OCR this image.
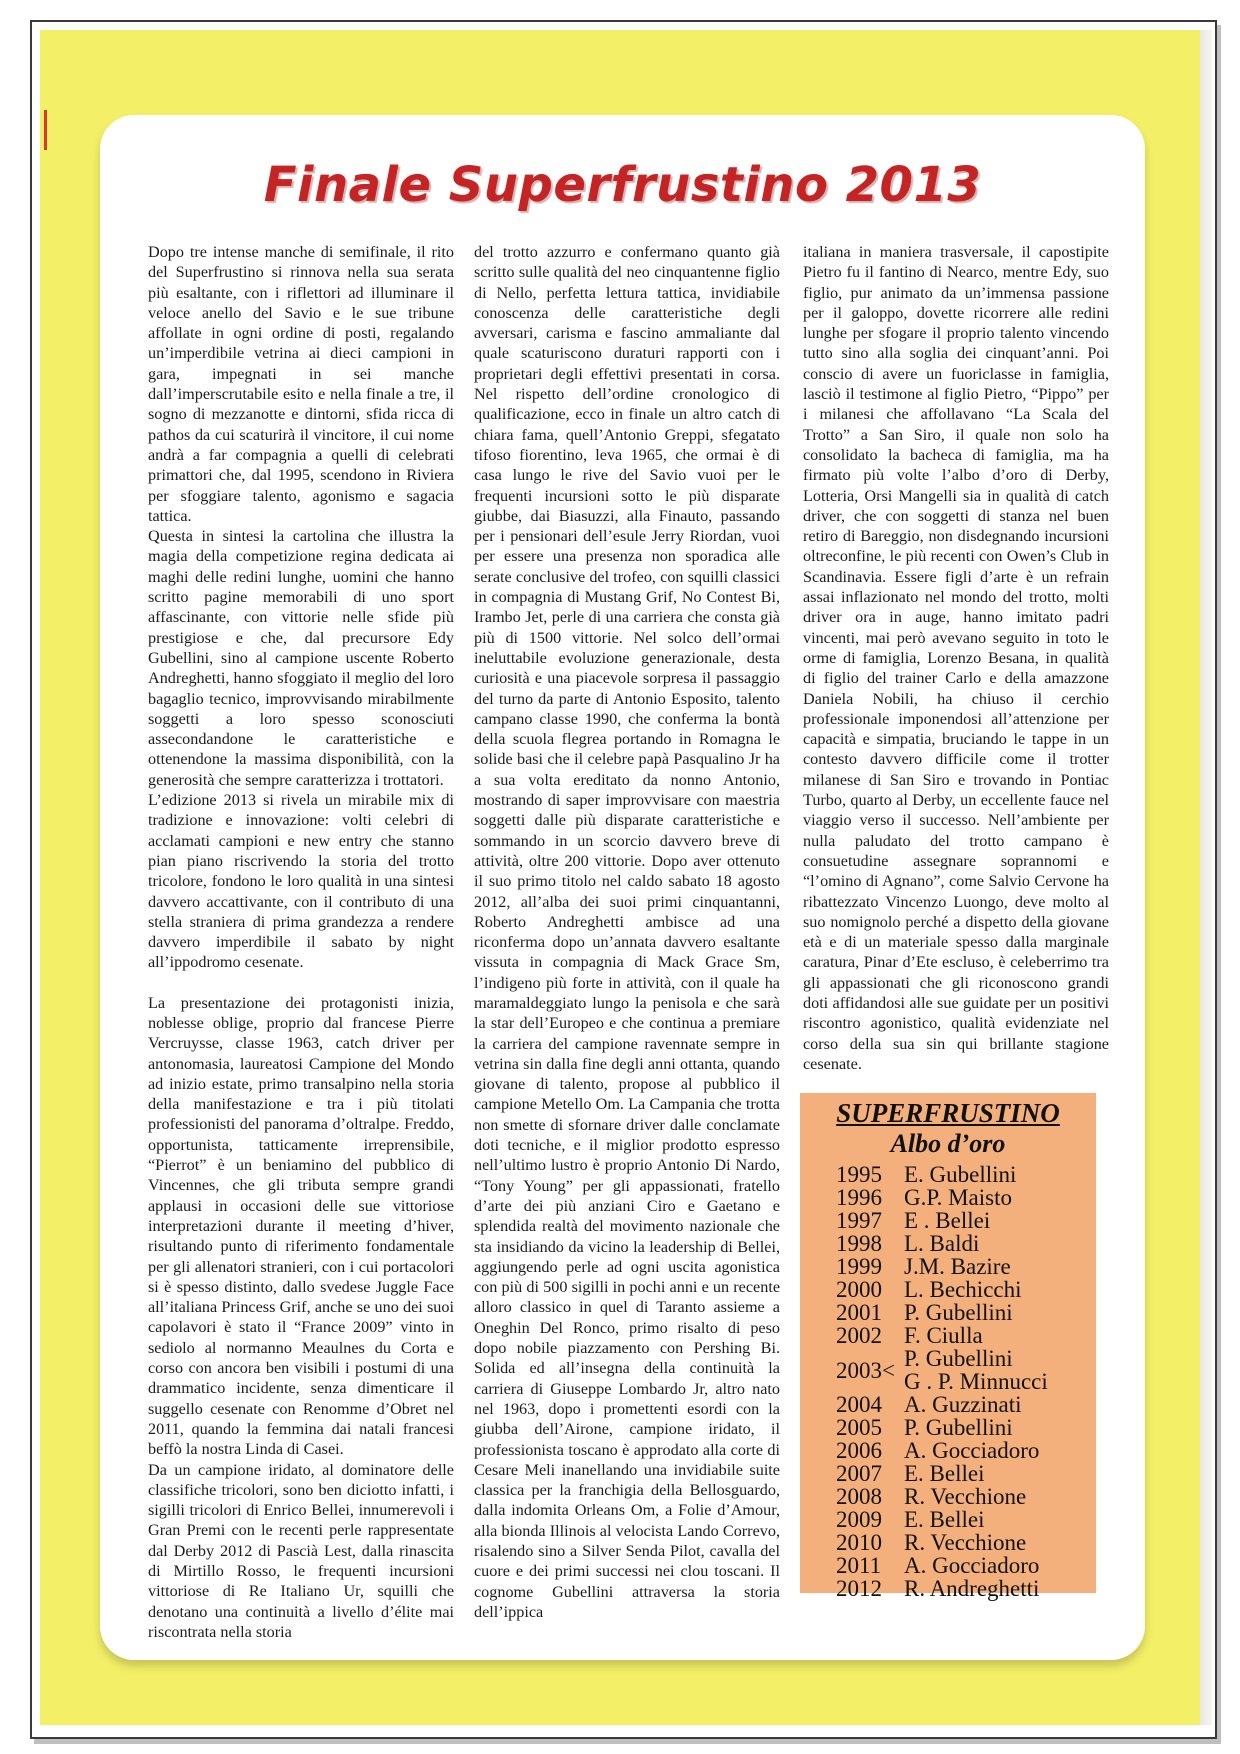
Finale Superfrustino 2013

Dopo tre intense manche di semifinale, il rito del Superfrustino si rinnova nella sua serata più esaltante, con i riflettori ad illuminare il veloce anello del Savio e le sue tribune affollate in ogni ordine di posti, regalando un’imperdibile vetrina ai dieci campioni in gara, impegnati in sei manche dall’imperscrutabile esito e nella finale a tre, il sogno di mezzanotte e dintorni, sfida ricca di pathos da cui scaturirà il vincitore, il cui nome andrà a far compagnia a quelli di celebrati primattori che, dal 1995, scendono in Riviera per sfoggiare talento, agonismo e sagacia tattica.

Questa in sintesi la cartolina che illustra la magia della competizione regina dedicata ai maghi delle redini lunghe, uomini che hanno scritto pagine memorabili di uno sport affascinante, con vittorie nelle sfide più prestigiose e che, dal precursore Edy Gubellini, sino al campione uscente Roberto Andreghetti, hanno sfoggiato il meglio del loro bagaglio tecnico, improvvisando mirabilmente soggetti a loro spesso sconosciuti assecondandone le caratteristiche e ottenendone la massima disponibilità, con la generosità che sempre caratterizza i trottatori.

L’edizione 2013 si rivela un mirabile mix di tradizione e innovazione: volti celebri di acclamati campioni e new entry che stanno pian piano riscrivendo la storia del trotto tricolore, fondono le loro qualità in una sintesi davvero accattivante, con il contributo di una stella straniera di prima grandezza a rendere davvero imperdibile il sabato by night all’ippodromo cesenate.

La presentazione dei protagonisti inizia, noblesse oblige, proprio dal francese Pierre Vercruysse, classe 1963, catch driver per antonomasia, laureatosi Campione del Mondo ad inizio estate, primo transalpino nella storia della manifestazione e tra i più titolati professionisti del panorama d’oltralpe. Freddo, opportunista, tatticamente irreprensibile, “Pierrot” è un beniamino del pubblico di Vincennes, che gli tributa sempre grandi applausi in occasioni delle sue vittoriose interpretazioni durante il meeting d’hiver, risultando punto di riferimento fondamentale per gli allenatori stranieri, con i cui portacolori si è spesso distinto, dallo svedese Juggle Face all’italiana Princess Grif, anche se uno dei suoi capolavori è stato il “France 2009” vinto in sediolo al normanno Meaulnes du Corta e corso con ancora ben visibili i postumi di una drammatico incidente, senza dimenticare il suggello cesenate con Renomme d’Obret nel 2011, quando la femmina dai natali francesi beffò la nostra Linda di Casei.

Da un campione iridato, al dominatore delle classifiche tricolori, sono ben diciotto infatti, i sigilli tricolori di Enrico Bellei, innumerevoli i Gran Premi con le recenti perle rappresentate dal Derby 2012 di Pascià Lest, dalla rinascita di Mirtillo Rosso, le frequenti incursioni vittoriose di Re Italiano Ur, squilli che denotano una continuità a livello d’élite mai riscontrata nella storia

del trotto azzurro e confermano quanto già scritto sulle qualità del neo cinquantenne figlio di Nello, perfetta lettura tattica, invidiabile conoscenza delle caratteristiche degli avversari, carisma e fascino ammaliante dal quale scaturiscono duraturi rapporti con i proprietari degli effettivi presentati in corsa. Nel rispetto dell’ordine cronologico di qualificazione, ecco in finale un altro catch di chiara fama, quell’Antonio Greppi, sfegatato tifoso fiorentino, leva 1965, che ormai è di casa lungo le rive del Savio vuoi per le frequenti incursioni sotto le più disparate giubbe, dai Biasuzzi, alla Finauto, passando per i pensionari dell’esule Jerry Riordan, vuoi per essere una presenza non sporadica alle serate conclusive del trofeo, con squilli classici in compagnia di Mustang Grif, No Contest Bi, Irambo Jet, perle di una carriera che consta già più di 1500 vittorie. Nel solco dell’ormai ineluttabile evoluzione generazionale, desta curiosità e una piacevole sorpresa il passaggio del turno da parte di Antonio Esposito, talento campano classe 1990, che conferma la bontà della scuola flegrea portando in Romagna le solide basi che il celebre papà Pasqualino Jr ha a sua volta ereditato da nonno Antonio, mostrando di saper improvvisare con maestria soggetti dalle più disparate caratteristiche e sommando in un scorcio davvero breve di attività, oltre 200 vittorie. Dopo aver ottenuto il suo primo titolo nel caldo sabato 18 agosto 2012, all’alba dei suoi primi cinquantanni, Roberto Andreghetti ambisce ad una riconferma dopo un’annata davvero esaltante vissuta in compagnia di Mack Grace Sm, l’indigeno più forte in attività, con il quale ha maramaldeggiato lungo la penisola e che sarà la star dell’Europeo e che continua a premiare la carriera del campione ravennate sempre in vetrina sin dalla fine degli anni ottanta, quando giovane di talento, propose al pubblico il campione Metello Om. La Campania che trotta non smette di sfornare driver dalle conclamate doti tecniche, e il miglior prodotto espresso nell’ultimo lustro è proprio Antonio Di Nardo, “Tony Young” per gli appassionati, fratello d’arte dei più anziani Ciro e Gaetano e splendida realtà del movimento nazionale che sta insidiando da vicino la leadership di Bellei, aggiungendo perle ad ogni uscita agonistica con più di 500 sigilli in pochi anni e un recente alloro classico in quel di Taranto assieme a Oneghin Del Ronco, primo risalto di peso dopo nobile piazzamento con Pershing Bi. Solida ed all’insegna della continuità la carriera di Giuseppe Lombardo Jr, altro nato nel 1963, dopo i promettenti esordi con la giubba dell’Airone, campione iridato, il professionista toscano è approdato alla corte di Cesare Meli inanellando una invidiabile suite classica per la franchigia della Bellosguardo, dalla indomita Orleans Om, a Folie d’Amour, alla bionda Illinois al velocista Lando Correvo, risalendo sino a Silver Senda Pilot, cavalla del cuore e dei primi successi nei clou toscani. Il cognome Gubellini attraversa la storia dell’ippica

italiana in maniera trasversale, il capostipite Pietro fu il fantino di Nearco, mentre Edy, suo figlio, pur animato da un’immensa passione per il galoppo, dovette ricorrere alle redini lunghe per sfogare il proprio talento vincendo tutto sino alla soglia dei cinquant’anni. Poi conscio di avere un fuoriclasse in famiglia, lasciò il testimone al figlio Pietro, “Pippo” per i milanesi che affollavano “La Scala del Trotto” a San Siro, il quale non solo ha consolidato la bacheca di famiglia, ma ha firmato più volte l’albo d’oro di Derby, Lotteria, Orsi Mangelli sia in qualità di catch driver, che con soggetti di stanza nel buen retiro di Bareggio, non disdegnando incursioni oltreconfine, le più recenti con Owen’s Club in Scandinavia. Essere figli d’arte è un refrain assai inflazionato nel mondo del trotto, molti driver ora in auge, hanno imitato padri vincenti, mai però avevano seguito in toto le orme di famiglia, Lorenzo Besana, in qualità di figlio del trainer Carlo e della amazzone Daniela Nobili, ha chiuso il cerchio professionale imponendosi all’attenzione per capacità e simpatia, bruciando le tappe in un contesto davvero difficile come il trotter milanese di San Siro e trovando in Pontiac Turbo, quarto al Derby, un eccellente fauce nel viaggio verso il successo. Nell’ambiente per nulla paludato del trotto campano è consuetudine assegnare soprannomi e “l’omino di Agnano”, come Salvio Cervone ha ribattezzato Vincenzo Luongo, deve molto al suo nomignolo perché a dispetto della giovane età e di un materiale spesso dalla marginale caratura, Pinar d’Ete escluso, è celeberrimo tra gli appassionati che gli riconoscono grandi doti affidandosi alle sue guidate per un positivi riscontro agonistico, qualità evidenziate nel corso della sua sin qui brillante stagione cesenate.

SUPERFRUSTINO
Albo d’oro
1995 E. Gubellini
1996 G.P. Maisto
1997 E . Bellei
1998 L. Baldi
1999 J.M. Bazire
2000 L. Bechicchi
2001 P. Gubellini
2002 F. Ciulla
2003< P. Gubellini
G . P. Minnucci
2004 A. Guzzinati
2005 P. Gubellini
2006 A. Gocciadoro
2007 E. Bellei
2008 R. Vecchione
2009 E. Bellei
2010 R. Vecchione
2011 A. Gocciadoro
2012 R. Andreghetti
